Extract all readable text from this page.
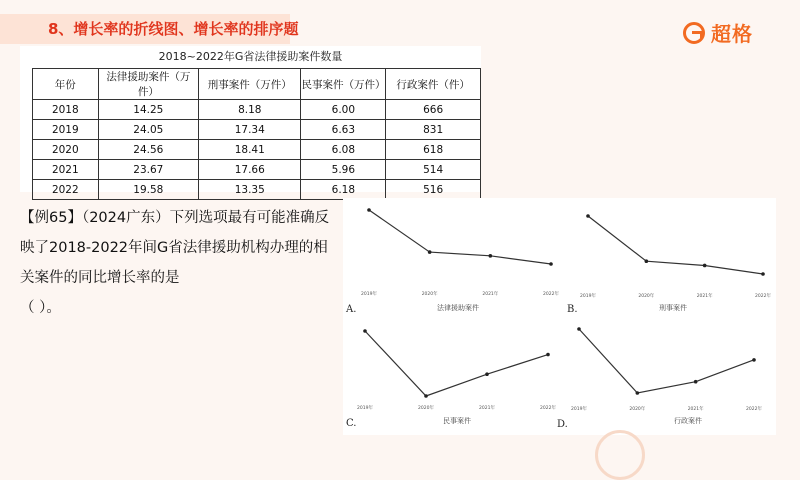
8、增长率的折线图、增长率的排序题	超格
2018~2022年G省法律援助案件数量
年份	法律援助案件（万件）	刑事案件（万件）	民事案件（万件）	行政案件（件）
2018	14.25	8.18	6.00	666
2019	24.05	17.34	6.63	831
2020	24.56	18.41	6.08	618
2021	23.67	17.66	5.96	514
2022	19.58	13.35	6.18	516
【例65】（2024广东）下列选项最有可能准确反映了2018-2022年间G省法律援助机构办理的相关案件的同比增长率的是
（ ）。
2019年	2020年	2021年	2022年
法律援助案件
A.
2019年	2020年	2021年	2022年
刑事案件
B.
2019年	2020年	2021年	2022年
民事案件
C.
2019年	2020年	2021年	2022年
行政案件
D.
